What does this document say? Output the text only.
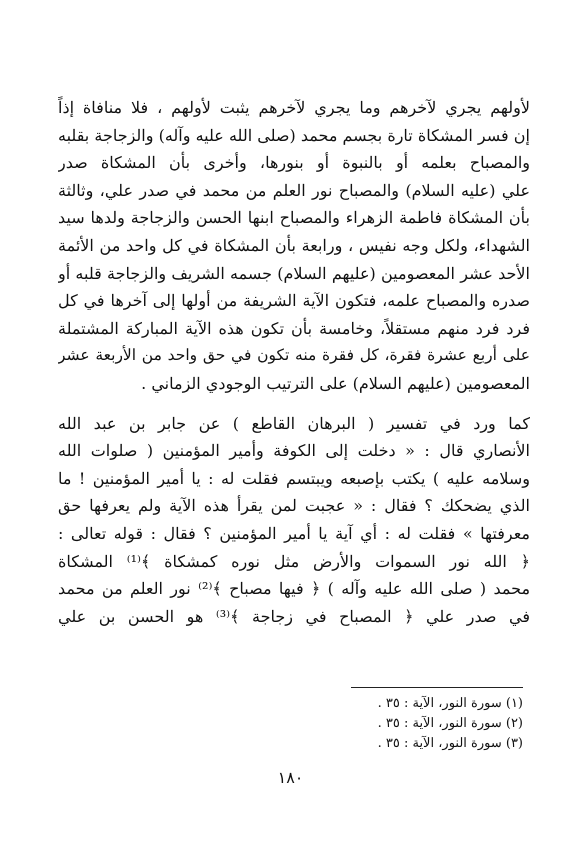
لأولهم يجري لآخرهم وما يجري لآخرهم يثبت لأولهم ، فلا منافاة إذاً
إن فسر المشكاة تارة بجسم محمد (صلى الله عليه وآله) والزجاجة بقلبه
والمصباح بعلمه أو بالنبوة أو بنورها، وأخرى بأن المشكاة صدر
علي (عليه السلام) والمصباح نور العلم من محمد في صدر علي، وثالثة
بأن المشكاة فاطمة الزهراء والمصباح ابنها الحسن والزجاجة ولدها سيد
الشهداء، ولكل وجه نفيس ، ورابعة بأن المشكاة في كل واحد من الأئمة
الأحد عشر المعصومين (عليهم السلام) جسمه الشريف والزجاجة قلبه أو
صدره والمصباح علمه، فتكون الآية الشريفة من أولها إلى آخرها في كل
فرد فرد منهم مستقلاً، وخامسة بأن تكون هذه الآية المباركة المشتملة
على أربع عشرة فقرة، كل فقرة منه تكون في حق واحد من الأربعة عشر
المعصومين (عليهم السلام) على الترتيب الوجودي الزماني .
كما ورد في تفسير ( البرهان القاطع ) عن جابر بن عبد الله
الأنصاري قال : « دخلت إلى الكوفة وأمير المؤمنين ( صلوات الله
وسلامه عليه ) يكتب بإصبعه ويبتسم فقلت له : يا أمير المؤمنين ! ما
الذي يضحكك ؟ فقال : « عجبت لمن يقرأ هذه الآية ولم يعرفها حق
معرفتها » فقلت له : أي آية يا أمير المؤمنين ؟ فقال : قوله تعالى :
﴿ الله نور السموات والأرض مثل نوره كمشكاة ﴾⁽¹⁾ المشكاة
محمد ( صلى الله عليه وآله ) ﴿ فيها مصباح ﴾⁽²⁾ نور العلم من محمد
في صدر علي ﴿ المصباح في زجاجة ﴾⁽³⁾ هو الحسن بن علي
(١) سورة النور، الآية : ٣٥ .
(٢) سورة النور، الآية : ٣٥ .
(٣) سورة النور، الآية : ٣٥ .
١٨٠
